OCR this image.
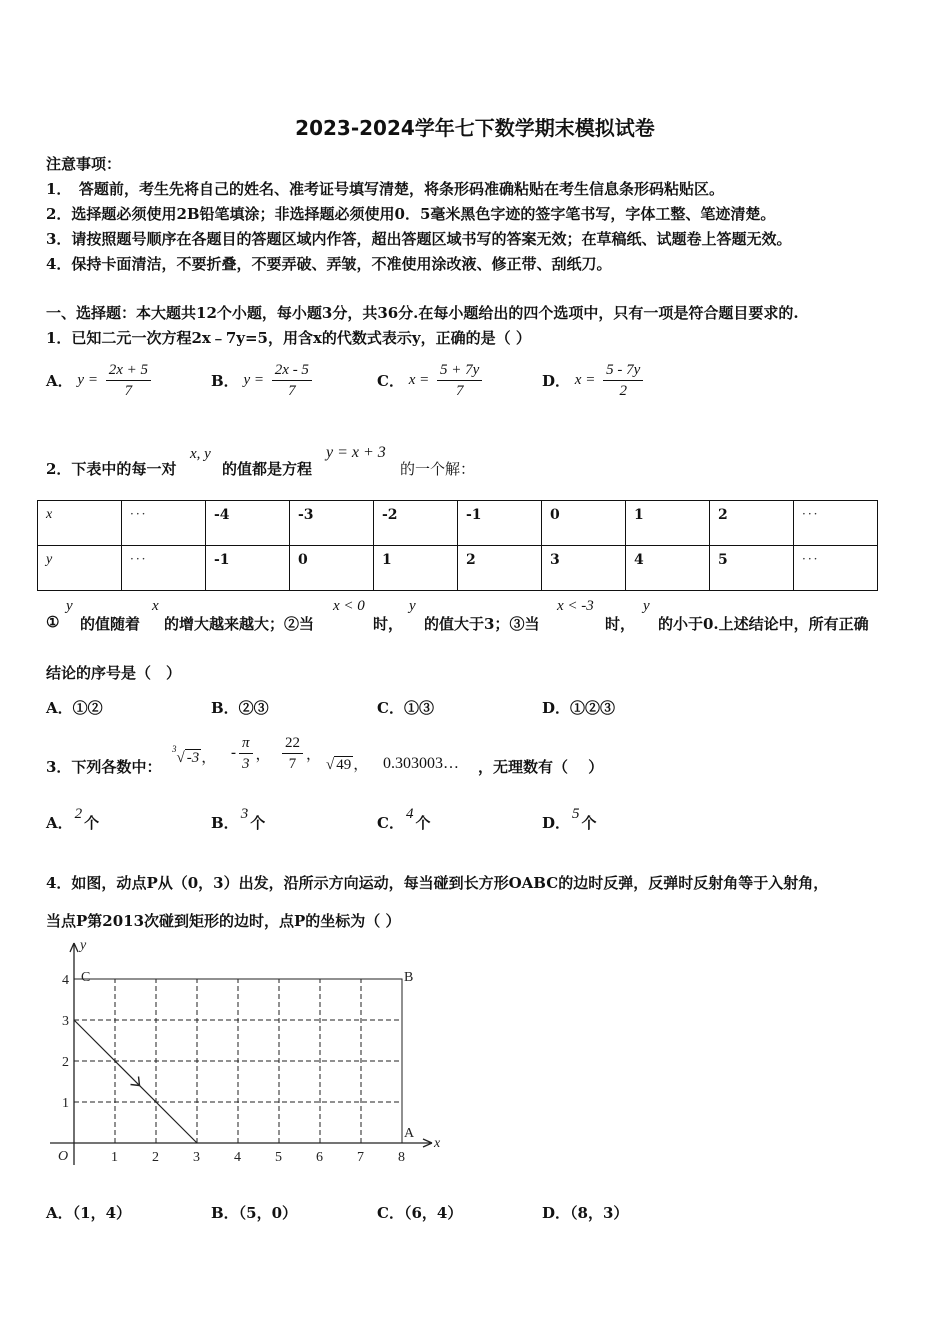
2023-2024学年七下数学期末模拟试卷
注意事项：
1．　答题前，考生先将自己的姓名、准考证号填写清楚，将条形码准确粘贴在考生信息条形码粘贴区。
2．选择题必须使用2B铅笔填涂；非选择题必须使用0．5毫米黑色字迹的签字笔书写，字体工整、笔迹清楚。
3．请按照题号顺序在各题目的答题区域内作答，超出答题区域书写的答案无效；在草稿纸、试题卷上答题无效。
4．保持卡面清洁，不要折叠，不要弄破、弄皱，不准使用涂改液、修正带、刮纸刀。
一、选择题：本大题共12个小题，每小题3分，共36分.在每小题给出的四个选项中，只有一项是符合题目要求的.
1．已知二元一次方程2x﹣7y=5，用含x的代数式表示y，正确的是（ ）
A． $y = \frac{2x + 5}{7}$	B． $y = \frac{2x - 5}{7}$	C． $x = \frac{5 + 7y}{7}$	D． $x = \frac{5 - 7y}{2}$
2．下表中的每一对
x, y
的值都是方程
y = x + 3
的一个解：
x	···	-4	-3	-2	-1	0	1	2	···
y	···	-1	0	1	2	3	4	5	···
①
y
的值随着
x
的增大越来越大；②当
x < 0
时，
y
的值大于3；③当
x < -3
时，
y
的小于0.上述结论中，所有正确
结论的序号是（　）
A．①②	B．②③	C．①③	D．①②③
3．下列各数中：
$^3$√ -3 ， - $\frac{\pi}{3}$ ， $\frac{22}{7}$ ，
√ 49 ， 0.303003… ，无理数有（　 ）
A． 2 个	B． 3 个	C． 4 个	D． 5 个
4．如图，动点P从（0，3）出发，沿所示方向运动，每当碰到长方形OABC的边时反弹，反弹时反射角等于入射角，
当点P第2013次碰到矩形的边时，点P的坐标为（ ）
1 2 3 4 5 6 7 8
1
2
3
4
O
A
B
C
x
y
A．（1，4）	B．（5，0）	C．（6，4）	D．（8，3）
